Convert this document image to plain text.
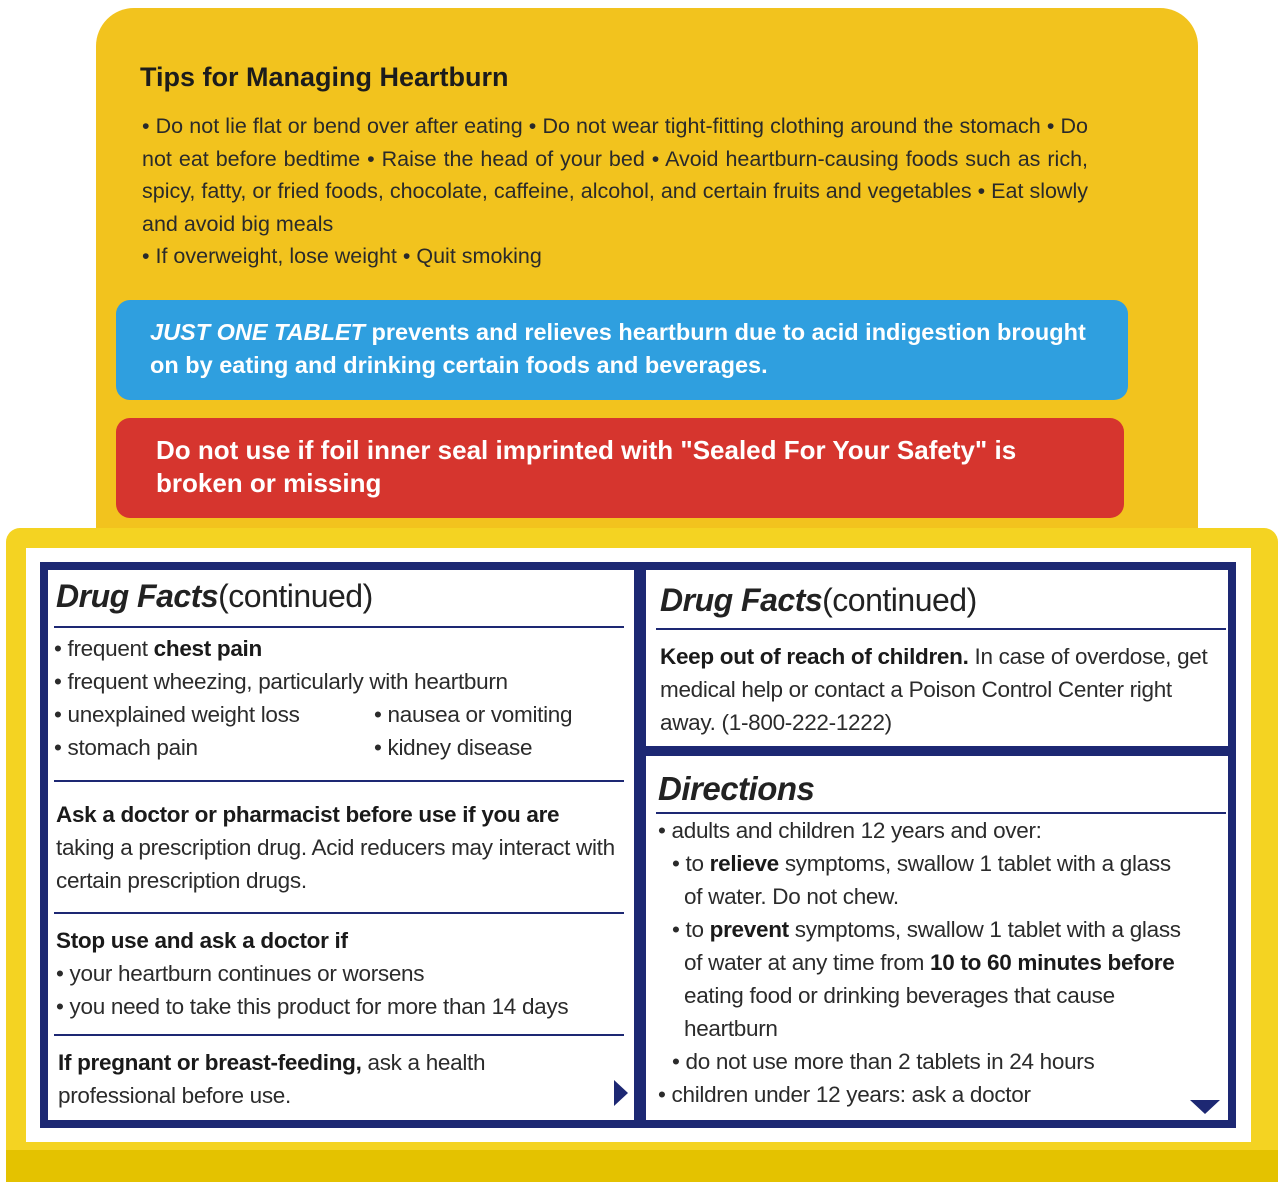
Tips for Managing Heartburn
• Do not lie flat or bend over after eating • Do not wear tight-fitting clothing around the stomach • Do not eat before bedtime • Raise the head of your bed • Avoid heartburn-causing foods such as rich, spicy, fatty, or fried foods, chocolate, caffeine, alcohol, and certain fruits and vegetables • Eat slowly and avoid big meals
• If overweight, lose weight • Quit smoking
JUST ONE TABLET prevents and relieves heartburn due to acid indigestion brought on by eating and drinking certain foods and beverages.
Do not use if foil inner seal imprinted with "Sealed For Your Safety" is broken or missing
Drug Facts(continued)
• frequent chest pain
• frequent wheezing, particularly with heartburn
• unexplained weight loss	• nausea or vomiting
• stomach pain	• kidney disease
Ask a doctor or pharmacist before use if you are
taking a prescription drug. Acid reducers may interact with certain prescription drugs.
Stop use and ask a doctor if
• your heartburn continues or worsens
• you need to take this product for more than 14 days
If pregnant or breast-feeding, ask a health professional before use.
Drug Facts(continued)
Keep out of reach of children. In case of overdose, get medical help or contact a Poison Control Center right away. (1-800-222-1222)
Directions
• adults and children 12 years and over:
• to relieve symptoms, swallow 1 tablet with a glass
of water. Do not chew.
• to prevent symptoms, swallow 1 tablet with a glass
of water at any time from 10 to 60 minutes before
eating food or drinking beverages that cause
heartburn
• do not use more than 2 tablets in 24 hours
• children under 12 years: ask a doctor
